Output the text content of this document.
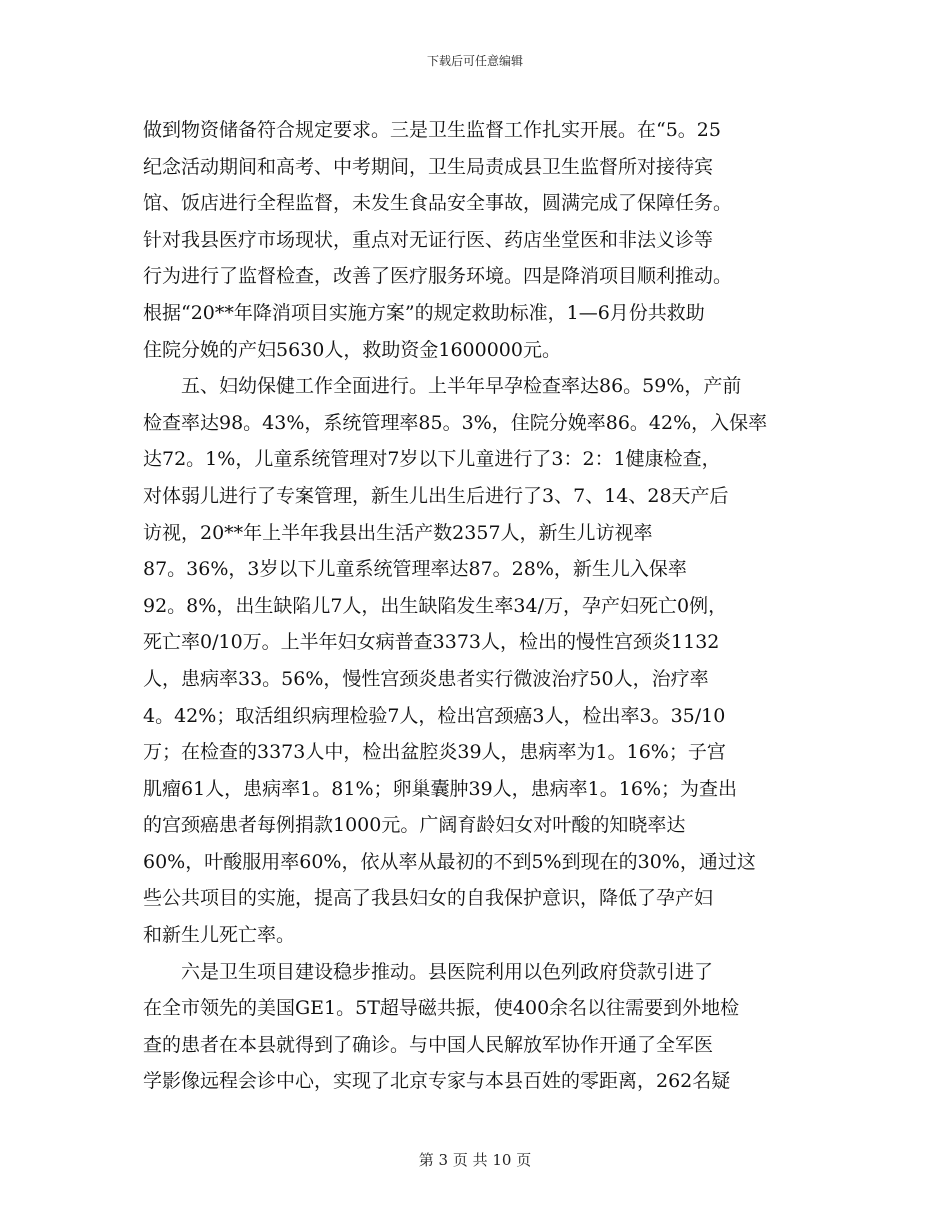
下载后可任意编辑
做到物资储备符合规定要求。三是卫生监督工作扎实开展。在“5。25
纪念活动期间和高考、中考期间，卫生局责成县卫生监督所对接待宾
馆、饭店进行全程监督，未发生食品安全事故，圆满完成了保障任务。
针对我县医疗市场现状，重点对无证行医、药店坐堂医和非法义诊等
行为进行了监督检查，改善了医疗服务环境。四是降消项目顺利推动。
根据“20**年降消项目实施方案”的规定救助标准，1—6月份共救助
住院分娩的产妇5630人，救助资金1600000元。
　　五、妇幼保健工作全面进行。上半年早孕检查率达86。59%，产前
检查率达98。43%，系统管理率85。3%，住院分娩率86。42%，入保率
达72。1%，儿童系统管理对7岁以下儿童进行了3：2：1健康检查，
对体弱儿进行了专案管理，新生儿出生后进行了3、7、14、28天产后
访视，20**年上半年我县出生活产数2357人，新生儿访视率
87。36%，3岁以下儿童系统管理率达87。28%，新生儿入保率
92。8%，出生缺陷儿7人，出生缺陷发生率34/万，孕产妇死亡0例，
死亡率0/10万。上半年妇女病普查3373人，检出的慢性宫颈炎1132
人，患病率33。56%，慢性宫颈炎患者实行微波治疗50人，治疗率
4。42%；取活组织病理检验7人，检出宫颈癌3人，检出率3。35/10
万；在检查的3373人中，检出盆腔炎39人，患病率为1。16%；子宫
肌瘤61人，患病率1。81%；卵巢囊肿39人，患病率1。16%；为查出
的宫颈癌患者每例捐款1000元。广阔育龄妇女对叶酸的知晓率达
60%，叶酸服用率60%，依从率从最初的不到5%到现在的30%，通过这
些公共项目的实施，提高了我县妇女的自我保护意识，降低了孕产妇
和新生儿死亡率。
　　六是卫生项目建设稳步推动。县医院利用以色列政府贷款引进了
在全市领先的美国GE1。5T超导磁共振，使400余名以往需要到外地检
查的患者在本县就得到了确诊。与中国人民解放军协作开通了全军医
学影像远程会诊中心，实现了北京专家与本县百姓的零距离，262名疑
第 3 页 共 10 页
